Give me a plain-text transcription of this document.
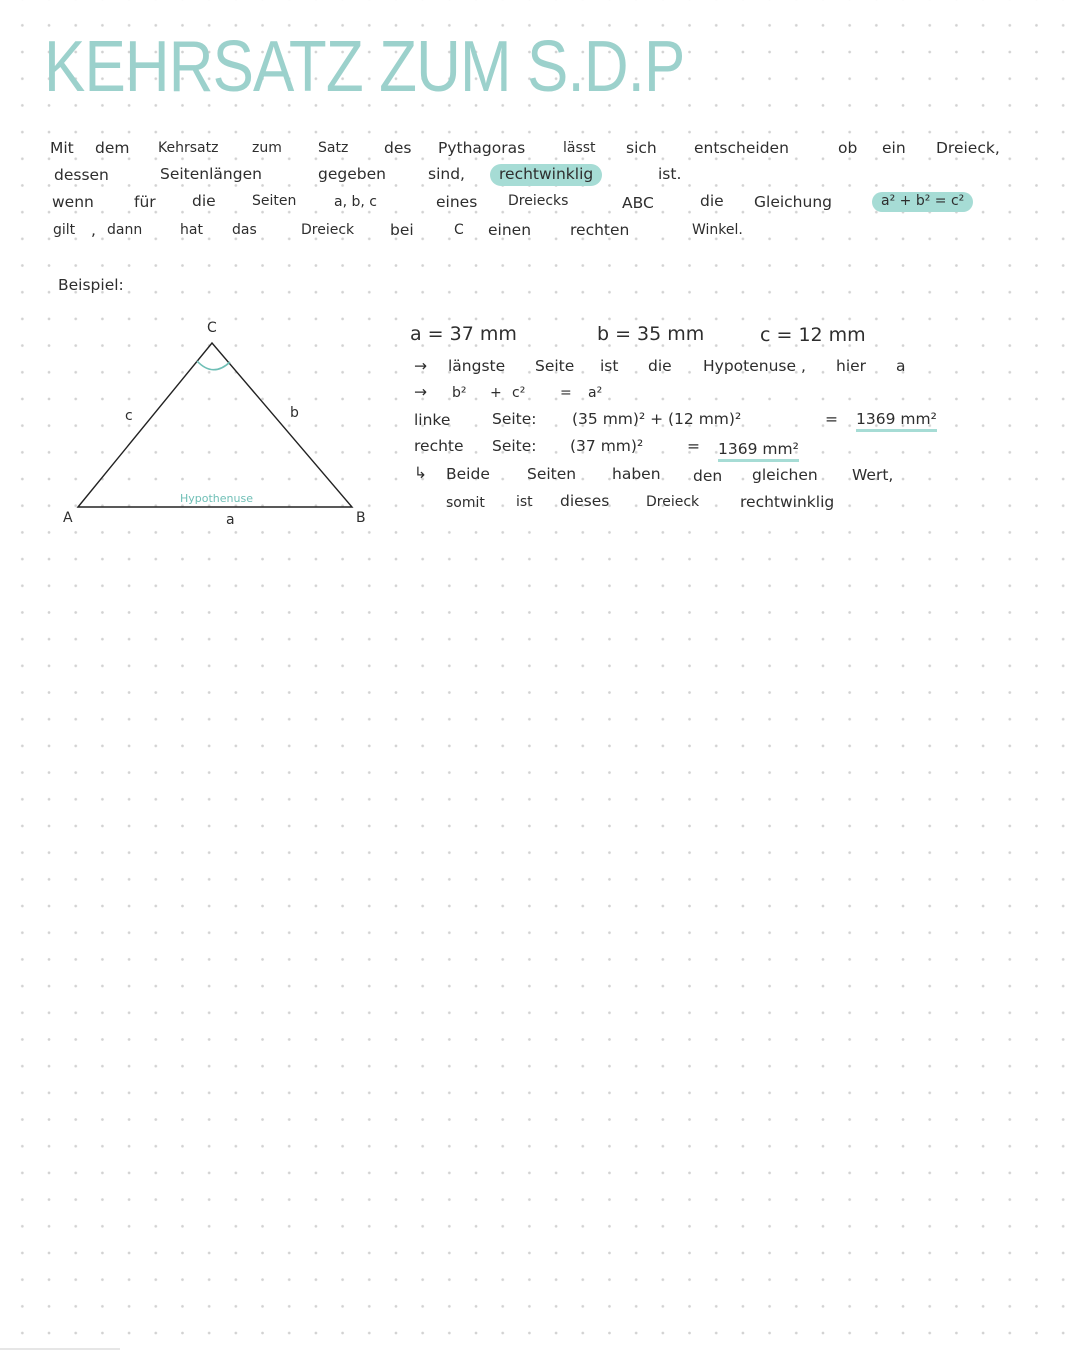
KEHRSATZ ZUM S.D.P
Mit dem Kehrsatz zum	Satz des Pythagoras	lässt sich entscheiden	ob ein Dreieck,
dessen	Seitenlängen	gegeben	sind,	rechtwinklig	ist.
wenn	für die	Seiten	a, b, c	eines Dreiecks	ABC	die Gleichung	a² + b² = c²
gilt , dann	hat das	Dreieck bei	C einen	rechten	Winkel.
Beispiel:
C
A	B
c	b
a
Hypothenuse
a = 37 mm	b = 35 mm	c = 12 mm
→ längste Seite ist die Hypotenuse , hier a
→ b² + c² = a²
linke	Seite: (35 mm)² + (12 mm)²	= 1369 mm²
rechte Seite: (37 mm)²	= 1369 mm²
↳ Beide Seiten haben den gleichen Wert,
somit ist dieses	Dreieck	rechtwinklig
